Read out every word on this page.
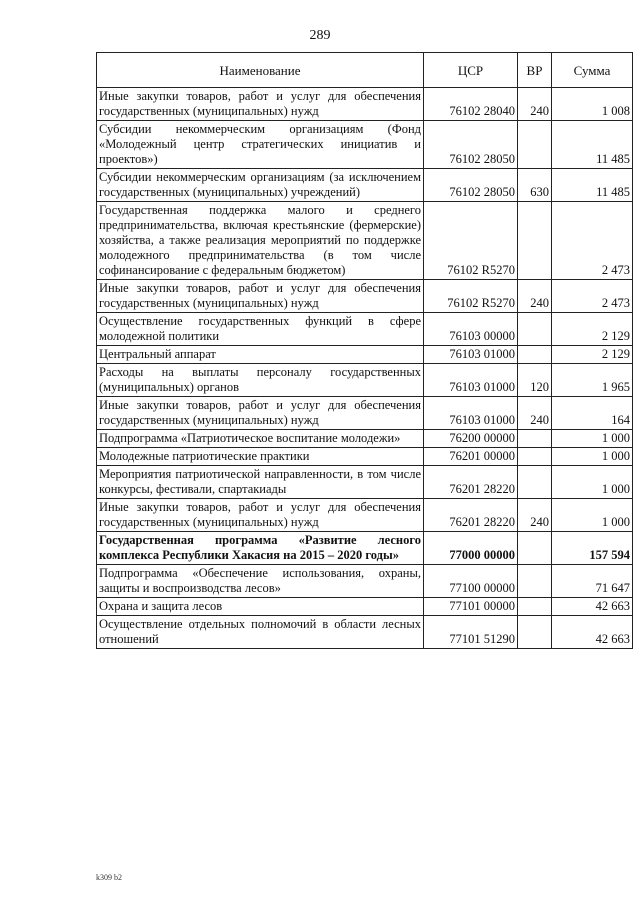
289
Наименование	ЦСР	ВР	Сумма
Иные закупки товаров, работ и услуг для обеспечения государственных (муниципальных) нужд	76102 28040	240	1 008
Субсидии некоммерческим организациям (Фонд «Молодежный центр стратегических инициатив и проектов»)	76102 28050		11 485
Субсидии некоммерческим организациям (за исключением государственных (муниципальных) учреждений)	76102 28050	630	11 485
Государственная поддержка малого и среднего предпринимательства, включая крестьянские (фермерские) хозяйства, а также реализация мероприятий по поддержке молодежного предпринимательства (в том числе софинансирование с федеральным бюджетом)	76102 R5270		2 473
Иные закупки товаров, работ и услуг для обеспечения государственных (муниципальных) нужд	76102 R5270	240	2 473
Осуществление государственных функций в сфере молодежной политики	76103 00000		2 129
Центральный аппарат	76103 01000		2 129
Расходы на выплаты персоналу государственных (муниципальных) органов	76103 01000	120	1 965
Иные закупки товаров, работ и услуг для обеспечения государственных (муниципальных) нужд	76103 01000	240	164
Подпрограмма «Патриотическое воспитание молодежи»	76200 00000		1 000
Молодежные патриотические практики	76201 00000		1 000
Мероприятия патриотической направленности, в том числе конкурсы, фестивали, спартакиады	76201 28220		1 000
Иные закупки товаров, работ и услуг для обеспечения государственных (муниципальных) нужд	76201 28220	240	1 000
Государственная программа «Развитие лесного комплекса Республики Хакасия на 2015 – 2020 годы»	77000 00000		157 594
Подпрограмма «Обеспечение использования, охраны, защиты и воспроизводства лесов»	77100 00000		71 647
Охрана и защита лесов	77101 00000		42 663
Осуществление отдельных полномочий в области лесных отношений	77101 51290		42 663
k309 b2
